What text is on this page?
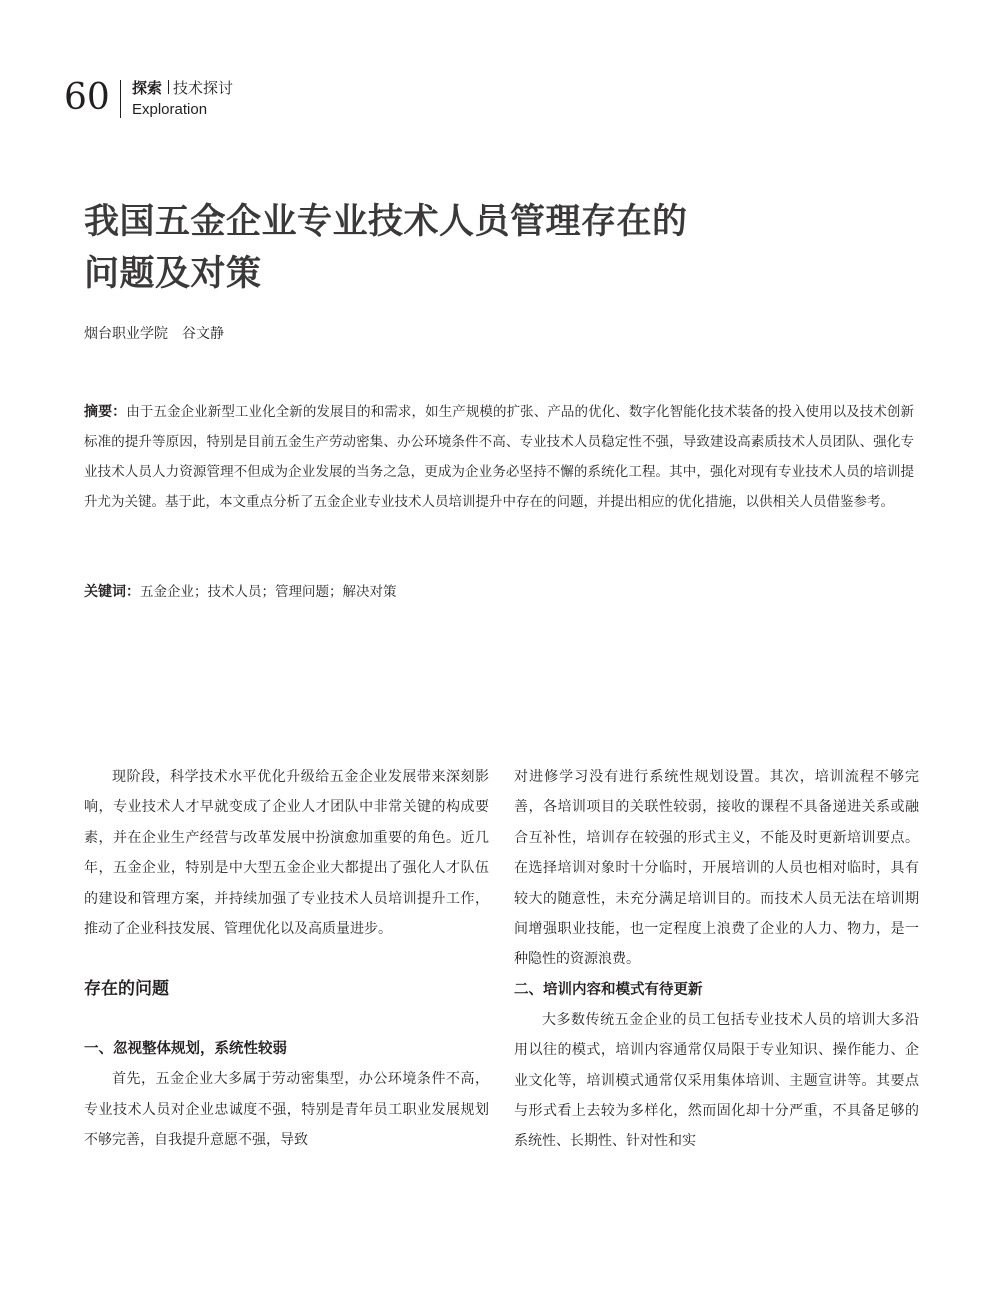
60 探索 技术探讨
Exploration
我国五金企业专业技术人员管理存在的
问题及对策
烟台职业学院　谷文静

摘要：由于五金企业新型工业化全新的发展目的和需求，如生产规模的扩张、产品的优化、数字化智能化技术装备的投入使用以及技术创新标准的提升等原因，特别是目前五金生产劳动密集、办公环境条件不高、专业技术人员稳定性不强，导致建设高素质技术人员团队、强化专业技术人员人力资源管理不但成为企业发展的当务之急，更成为企业务必坚持不懈的系统化工程。其中，强化对现有专业技术人员的培训提升尤为关键。基于此，本文重点分析了五金企业专业技术人员培训提升中存在的问题，并提出相应的优化措施，以供相关人员借鉴参考。

关键词：五金企业；技术人员；管理问题；解决对策

现阶段，科学技术水平优化升级给五金企业发展带来深刻影响，专业技术人才早就变成了企业人才团队中非常关键的构成要素，并在企业生产经营与改革发展中扮演愈加重要的角色。近几年，五金企业，特别是中大型五金企业大都提出了强化人才队伍的建设和管理方案，并持续加强了专业技术人员培训提升工作，推动了企业科技发展、管理优化以及高质量进步。

存在的问题
一、忽视整体规划，系统性较弱

首先，五金企业大多属于劳动密集型，办公环境条件不高，专业技术人员对企业忠诚度不强，特别是青年员工职业发展规划不够完善，自我提升意愿不强，导致

对进修学习没有进行系统性规划设置。其次，培训流程不够完善，各培训项目的关联性较弱，接收的课程不具备递进关系或融合互补性，培训存在较强的形式主义，不能及时更新培训要点。在选择培训对象时十分临时，开展培训的人员也相对临时，具有较大的随意性，未充分满足培训目的。而技术人员无法在培训期间增强职业技能，也一定程度上浪费了企业的人力、物力，是一种隐性的资源浪费。

二、培训内容和模式有待更新

大多数传统五金企业的员工包括专业技术人员的培训大多沿用以往的模式，培训内容通常仅局限于专业知识、操作能力、企业文化等，培训模式通常仅采用集体培训、主题宣讲等。其要点与形式看上去较为多样化，然而固化却十分严重，不具备足够的系统性、长期性、针对性和实
